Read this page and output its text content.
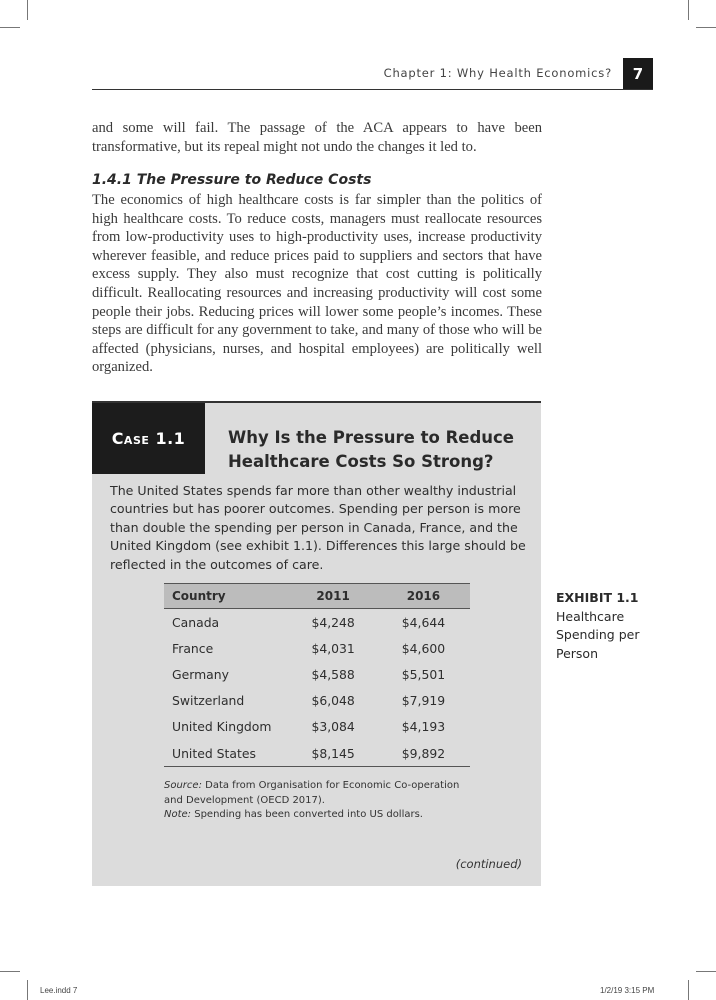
Chapter 1: Why Health Economics?	7

and some will fail. The passage of the ACA appears to have been transformative, but its repeal might not undo the changes it led to.

1.4.1 The Pressure to Reduce Costs

The economics of high healthcare costs is far simpler than the politics of high healthcare costs. To reduce costs, managers must reallocate resources from low-productivity uses to high-productivity uses, increase productivity wherever feasible, and reduce prices paid to suppliers and sectors that have excess supply. They also must recognize that cost cutting is politically difficult. Reallocating resources and increasing productivity will cost some people their jobs. Reducing prices will lower some people’s incomes. These steps are difficult for any government to take, and many of those who will be affected (physicians, nurses, and hospital employees) are politically well organized.

Case 1.1	Why Is the Pressure to Reduce Healthcare Costs So Strong?

The United States spends far more than other wealthy industrial countries but has poorer outcomes. Spending per person is more than double the spending per person in Canada, France, and the United Kingdom (see exhibit 1.1). Differences this large should be reflected in the outcomes of care.

Country	2011	2016
Canada	$4,248	$4,644
France	$4,031	$4,600
Germany	$4,588	$5,501
Switzerland	$6,048	$7,919
United Kingdom	$3,084	$4,193
United States	$8,145	$9,892

Source: Data from Organisation for Economic Co-operation and Development (OECD 2017).

Note: Spending has been converted into US dollars.

(continued)
EXHIBIT 1.1
Healthcare Spending per Person
Lee.indd 7	1/2/19 3:15 PM
